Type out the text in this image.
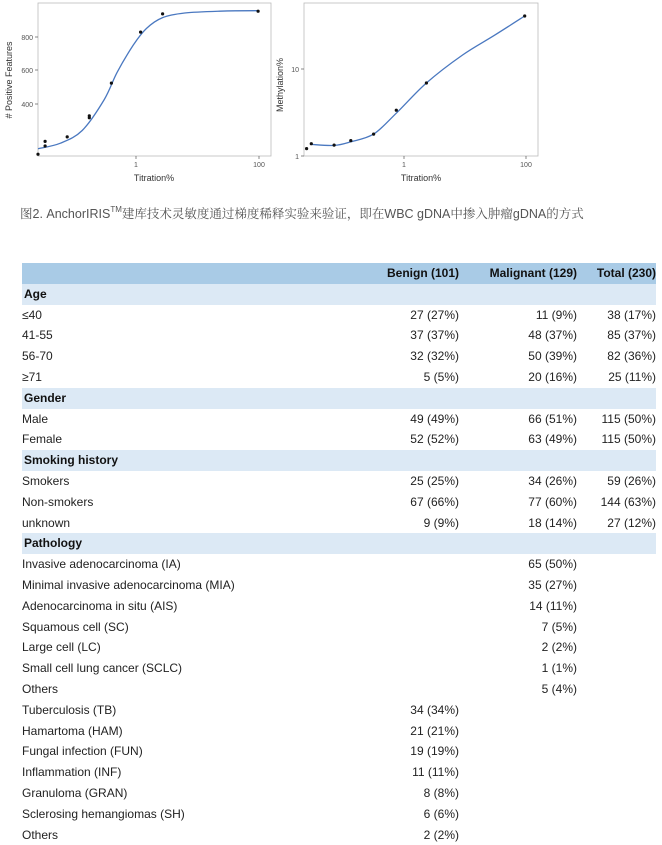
1	100
400
600
800
Titration%
# Positive Features
1	100
1
10
Titration%
Methylation%
图2. AnchorIRIS™建库技术灵敏度通过梯度稀释实验来验证，即在WBC gDNA中掺入肿瘤gDNA的方式
	Benign (101)	Malignant (129)	Total (230)
Age			
≤40	27 (27%)	11 (9%)	38 (17%)
41-55	37 (37%)	48 (37%)	85 (37%)
56-70	32 (32%)	50 (39%)	82 (36%)
≥71	5 (5%)	20 (16%)	25 (11%)
Gender			
Male	49 (49%)	66 (51%)	115 (50%)
Female	52 (52%)	63 (49%)	115 (50%)
Smoking history			
Smokers	25 (25%)	34 (26%)	59 (26%)
Non-smokers	67 (66%)	77 (60%)	144 (63%)
unknown	9 (9%)	18 (14%)	27 (12%)
Pathology			
Invasive adenocarcinoma (IA)		65 (50%)	
Minimal invasive adenocarcinoma (MIA)		35 (27%)	
Adenocarcinoma in situ (AIS)		14 (11%)	
Squamous cell (SC)		7 (5%)	
Large cell (LC)		2 (2%)	
Small cell lung cancer (SCLC)		1 (1%)	
Others		5 (4%)	
Tuberculosis (TB)	34 (34%)		
Hamartoma (HAM)	21 (21%)		
Fungal infection (FUN)	19 (19%)		
Inflammation (INF)	11 (11%)		
Granuloma (GRAN)	8 (8%)		
Sclerosing hemangiomas (SH)	6 (6%)		
Others	2 (2%)		
